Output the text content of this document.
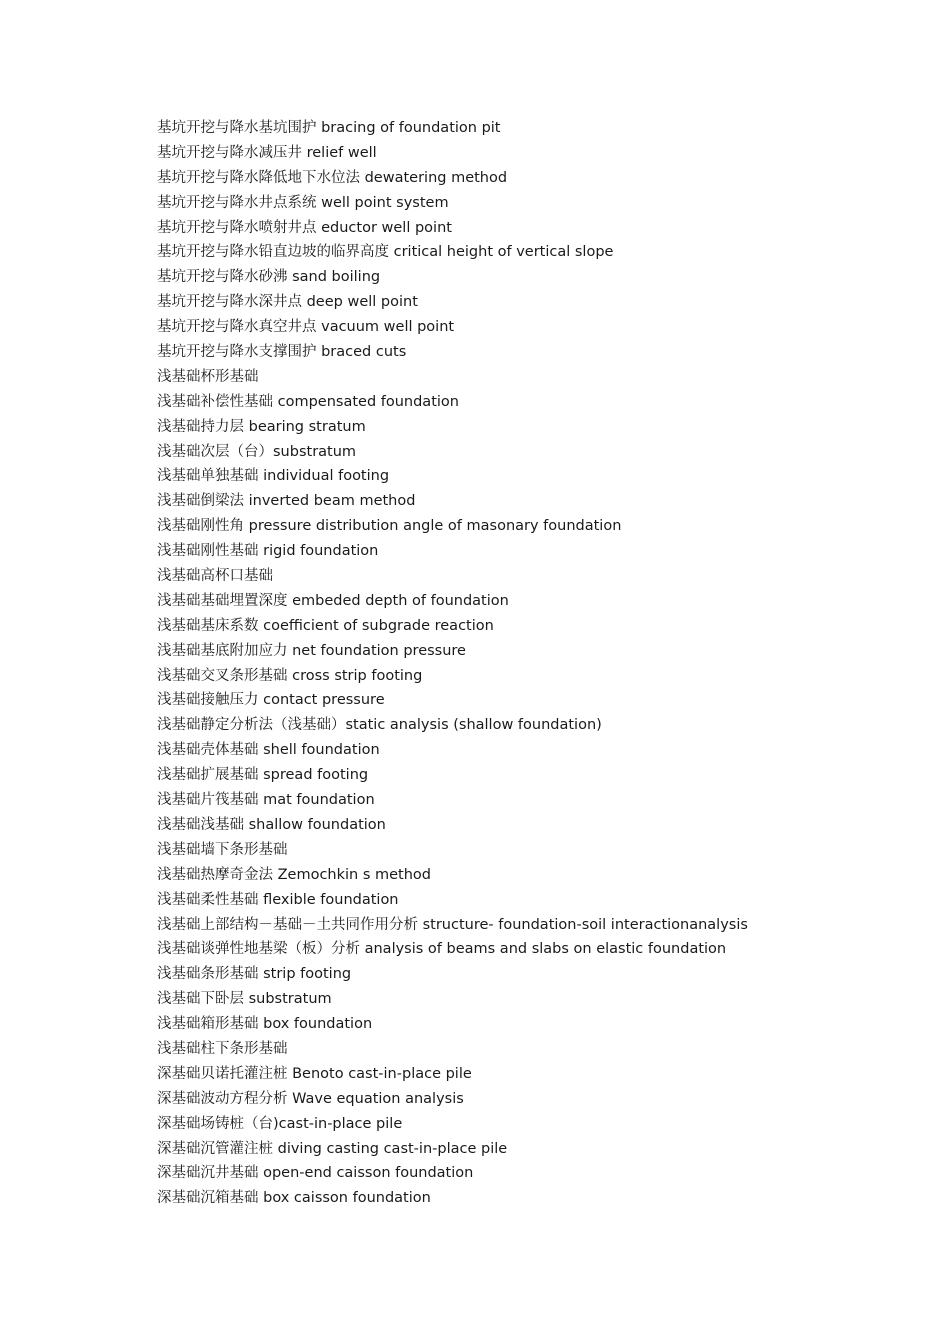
基坑开挖与降水基坑围护 bracing of foundation pit
基坑开挖与降水减压井 relief well
基坑开挖与降水降低地下水位法 dewatering method
基坑开挖与降水井点系统 well point system
基坑开挖与降水喷射井点 eductor well point
基坑开挖与降水铅直边坡的临界高度 critical height of vertical slope
基坑开挖与降水砂沸 sand boiling
基坑开挖与降水深井点 deep well point
基坑开挖与降水真空井点 vacuum well point
基坑开挖与降水支撑围护 braced cuts
浅基础杯形基础
浅基础补偿性基础 compensated foundation
浅基础持力层 bearing stratum
浅基础次层（台）substratum
浅基础单独基础 individual footing
浅基础倒梁法 inverted beam method
浅基础刚性角 pressure distribution angle of masonary foundation
浅基础刚性基础 rigid foundation
浅基础高杯口基础
浅基础基础埋置深度 embeded depth of foundation
浅基础基床系数 coefficient of subgrade reaction
浅基础基底附加应力 net foundation pressure
浅基础交叉条形基础 cross strip footing
浅基础接触压力 contact pressure
浅基础静定分析法（浅基础）static analysis (shallow foundation)
浅基础壳体基础 shell foundation
浅基础扩展基础 spread footing
浅基础片筏基础 mat foundation
浅基础浅基础 shallow foundation
浅基础墙下条形基础
浅基础热摩奇金法 Zemochkin s method
浅基础柔性基础 flexible foundation
浅基础上部结构－基础－土共同作用分析 structure- foundation-soil interactionanalysis
浅基础谈弹性地基梁（板）分析 analysis of beams and slabs on elastic foundation
浅基础条形基础 strip footing
浅基础下卧层 substratum
浅基础箱形基础 box foundation
浅基础柱下条形基础
深基础贝诺托灌注桩 Benoto cast-in-place pile
深基础波动方程分析 Wave equation analysis
深基础场铸桩（台)cast-in-place pile
深基础沉管灌注桩 diving casting cast-in-place pile
深基础沉井基础 open-end caisson foundation
深基础沉箱基础 box caisson foundation
